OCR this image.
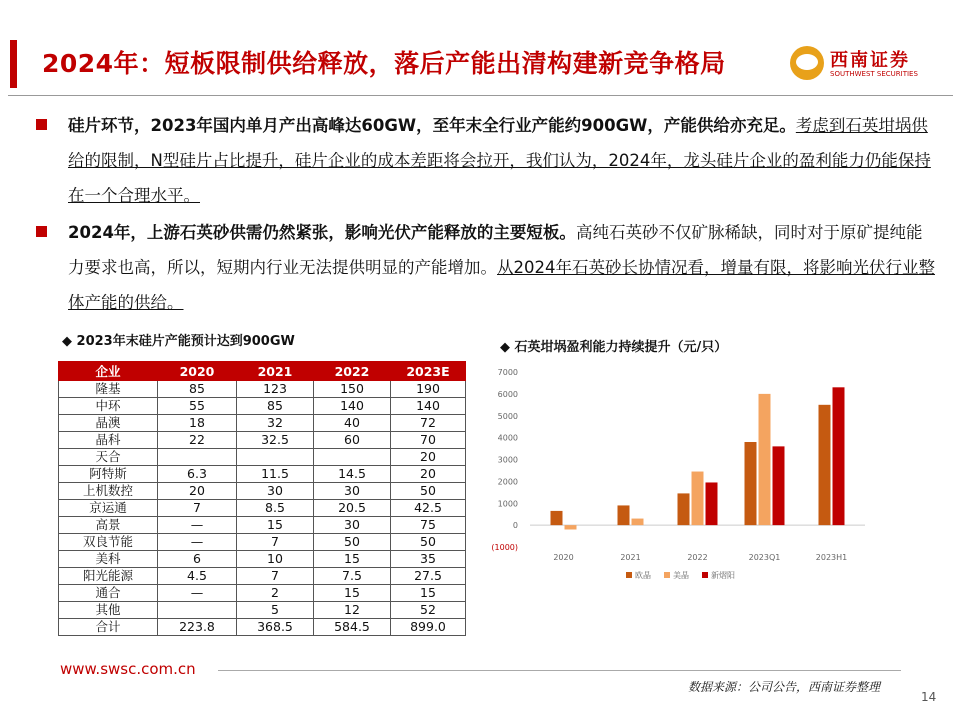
2024年：短板限制供给释放，落后产能出清构建新竞争格局	西南证券
SOUTHWEST SECURITIES
硅片环节，2023年国内单月产出高峰达60GW，至年末全行业产能约900GW，产能供给亦充足。考虑到石英坩埚供给的限制，N型硅片占比提升，硅片企业的成本差距将会拉开，我们认为，2024年，龙头硅片企业的盈利能力仍能保持在一个合理水平。
2024年，上游石英砂供需仍然紧张，影响光伏产能释放的主要短板。高纯石英砂不仅矿脉稀缺，同时对于原矿提纯能力要求也高，所以，短期内行业无法提供明显的产能增加。从2024年石英砂长协情况看，增量有限，将影响光伏行业整体产能的供给。
◆ 2023年末硅片产能预计达到900GW
企业	2020	2021	2022	2023E
隆基	85	123	150	190
中环	55	85	140	140
晶澳	18	32	40	72
晶科	22	32.5	60	70
天合				20
阿特斯	6.3	11.5	14.5	20
上机数控	20	30	30	50
京运通	7	8.5	20.5	42.5
高景	—	15	30	75
双良节能	—	7	50	50
美科	6	10	15	35
阳光能源	4.5	7	7.5	27.5
通合	—	2	15	15
其他		5	12	52
合计	223.8	368.5	584.5	899.0
◆ 石英坩埚盈利能力持续提升（元/只）
7000
6000
5000
4000
3000
2000
1000
0
(1000)
2020	2021	2022	2023Q1	2023H1
欧晶	美晶	新熠阳
www.swsc.com.cn
数据来源：公司公告，西南证券整理
14
